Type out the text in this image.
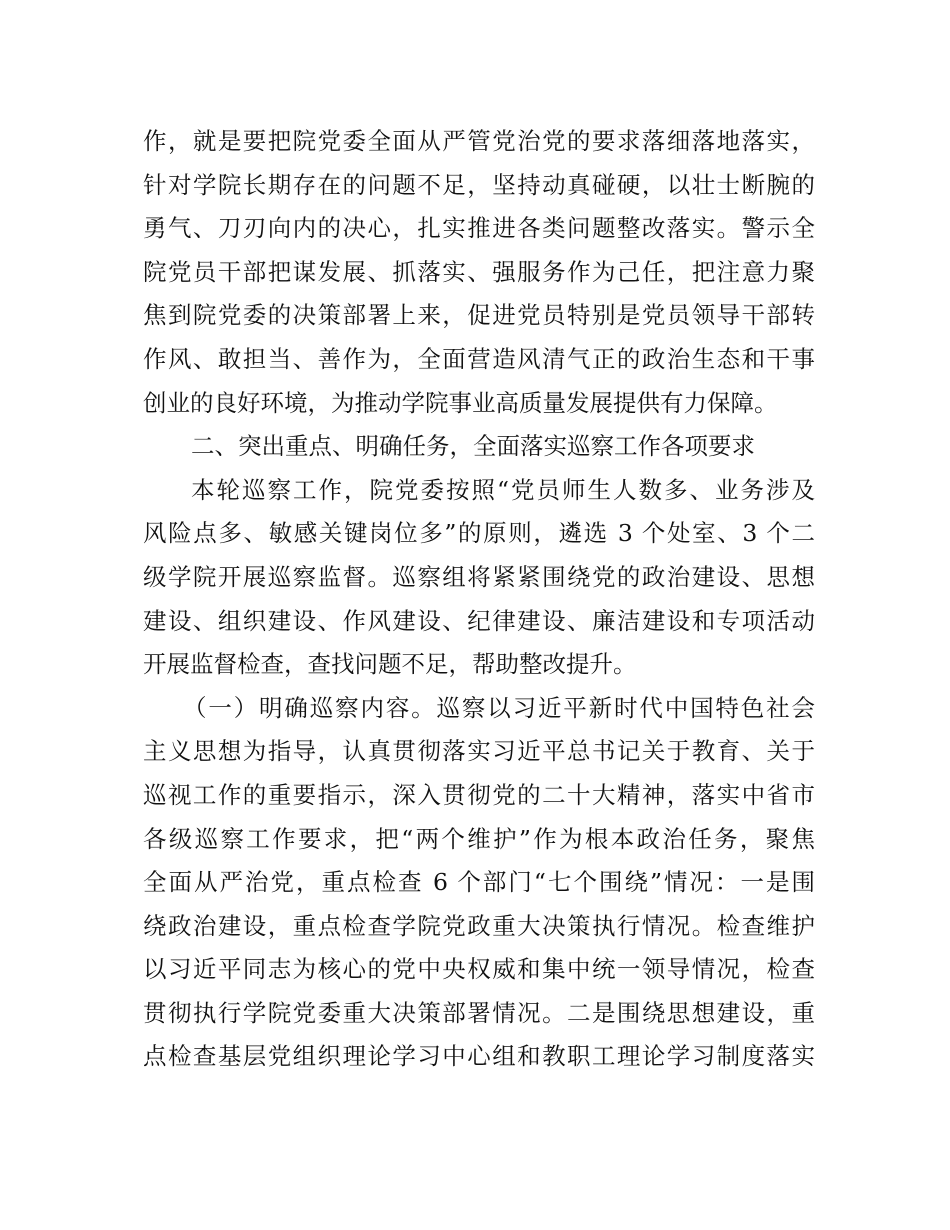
作，就是要把院党委全面从严管党治党的要求落细落地落实，
针对学院长期存在的问题不足，坚持动真碰硬，以壮士断腕的
勇气、刀刃向内的决心，扎实推进各类问题整改落实。警示全
院党员干部把谋发展、抓落实、强服务作为己任，把注意力聚
焦到院党委的决策部署上来，促进党员特别是党员领导干部转
作风、敢担当、善作为，全面营造风清气正的政治生态和干事
创业的良好环境，为推动学院事业高质量发展提供有力保障。
二、突出重点、明确任务，全面落实巡察工作各项要求
本轮巡察工作，院党委按照“党员师生人数多、业务涉及
风险点多、敏感关键岗位多”的原则，遴选 3 个处室、3 个二
级学院开展巡察监督。巡察组将紧紧围绕党的政治建设、思想
建设、组织建设、作风建设、纪律建设、廉洁建设和专项活动
开展监督检查，查找问题不足，帮助整改提升。
（一）明确巡察内容。巡察以习近平新时代中国特色社会
主义思想为指导，认真贯彻落实习近平总书记关于教育、关于
巡视工作的重要指示，深入贯彻党的二十大精神，落实中省市
各级巡察工作要求，把“两个维护”作为根本政治任务，聚焦
全面从严治党，重点检查 6 个部门“七个围绕”情况：一是围
绕政治建设，重点检查学院党政重大决策执行情况。检查维护
以习近平同志为核心的党中央权威和集中统一领导情况，检查
贯彻执行学院党委重大决策部署情况。二是围绕思想建设，重
点检查基层党组织理论学习中心组和教职工理论学习制度落实
